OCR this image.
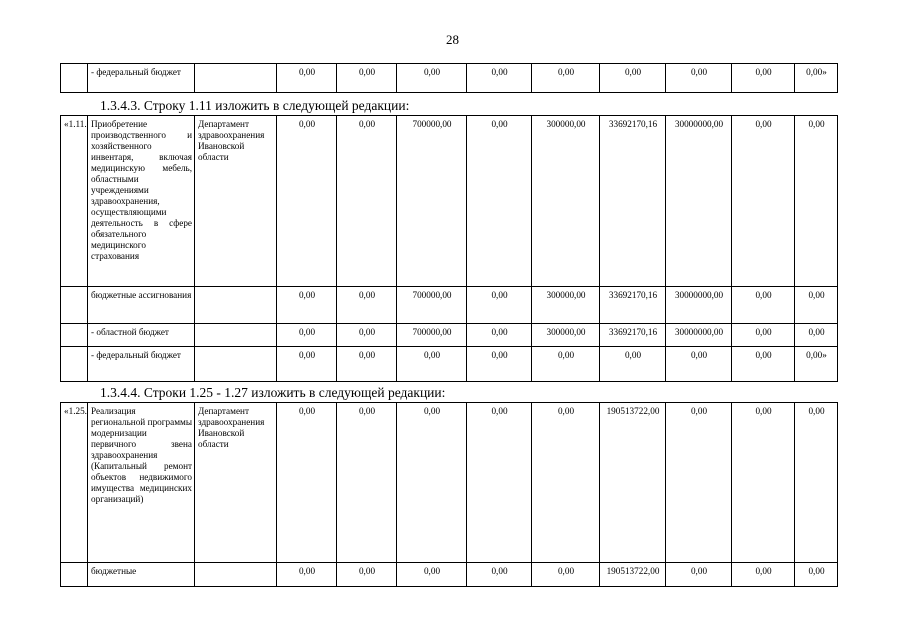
28
	- федеральный бюджет		0,00	0,00	0,00	0,00	0,00	0,00	0,00	0,00	0,00»
1.3.4.3. Строку 1.11 изложить в следующей редакции:
«1.11.	Приобретение производственного и хозяйственного инвентаря, включая медицинскую мебель, областными учреждениями здравоохранения, осуществляющими деятельность в сфере обязательного медицинского страхования	Департамент здравоохранения Ивановской области	0,00	0,00	700000,00	0,00	300000,00	33692170,16	30000000,00	0,00	0,00
	бюджетные ассигнования		0,00	0,00	700000,00	0,00	300000,00	33692170,16	30000000,00	0,00	0,00
	- областной бюджет		0,00	0,00	700000,00	0,00	300000,00	33692170,16	30000000,00	0,00	0,00
	- федеральный бюджет		0,00	0,00	0,00	0,00	0,00	0,00	0,00	0,00	0,00»
1.3.4.4. Строки 1.25 - 1.27 изложить в следующей редакции:
«1.25.	Реализация региональной программы модернизации первичного звена здравоохранения (Капитальный ремонт объектов недвижимого имущества медицинских организаций)	Департамент здравоохранения Ивановской области	0,00	0,00	0,00	0,00	0,00	190513722,00	0,00	0,00	0,00
	бюджетные		0,00	0,00	0,00	0,00	0,00	190513722,00	0,00	0,00	0,00
